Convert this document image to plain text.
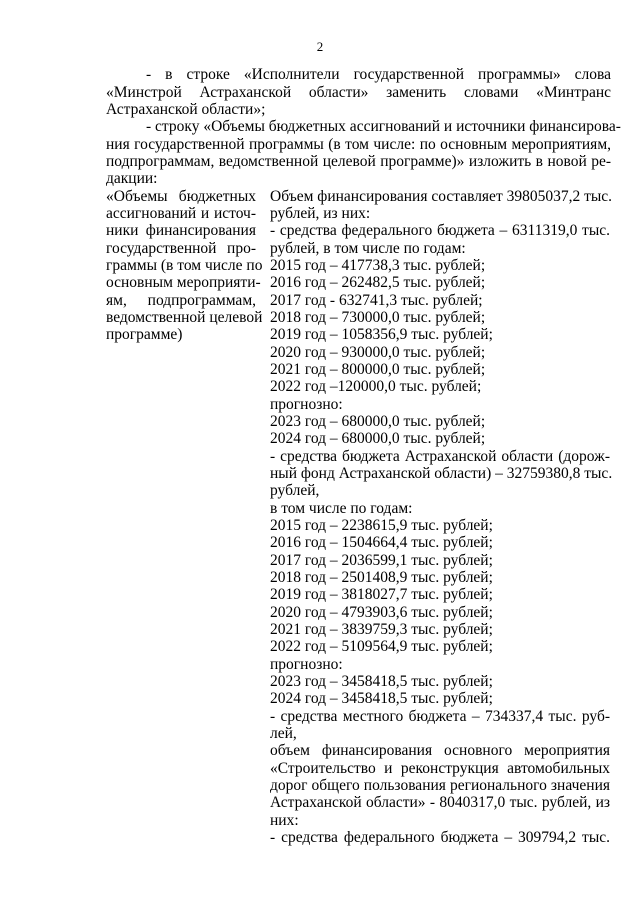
2
- в строке «Исполнители государственной программы» слова
«Минстрой Астраханской области» заменить словами «Минтранс
Астраханской области»;
- строку «Объемы бюджетных ассигнований и источники финансирова-
ния государственной программы (в том числе: по основным мероприятиям,
подпрограммам, ведомственной целевой программе)» изложить в новой ре-
дакции:
«Объемы бюджетных
ассигнований и источ-
ники финансирования
государственной про-
граммы (в том числе по
основным мероприяти-
ям, подпрограммам,
ведомственной целевой
программе)
Объем финансирования составляет 39805037,2 тыс.
рублей, из них:
- средства федерального бюджета – 6311319,0 тыс.
рублей, в том числе по годам:
2015 год – 417738,3 тыс. рублей;
2016 год – 262482,5 тыс. рублей;
2017 год - 632741,3 тыс. рублей;
2018 год – 730000,0 тыс. рублей;
2019 год – 1058356,9 тыс. рублей;
2020 год – 930000,0 тыс. рублей;
2021 год – 800000,0 тыс. рублей;
2022 год –120000,0 тыс. рублей;
прогнозно:
2023 год – 680000,0 тыс. рублей;
2024 год – 680000,0 тыс. рублей;
- средства бюджета Астраханской области (дорож-
ный фонд Астраханской области) – 32759380,8 тыс.
рублей,
в том числе по годам:
2015 год – 2238615,9 тыс. рублей;
2016 год – 1504664,4 тыс. рублей;
2017 год – 2036599,1 тыс. рублей;
2018 год – 2501408,9 тыс. рублей;
2019 год – 3818027,7 тыс. рублей;
2020 год – 4793903,6 тыс. рублей;
2021 год – 3839759,3 тыс. рублей;
2022 год – 5109564,9 тыс. рублей;
прогнозно:
2023 год – 3458418,5 тыс. рублей;
2024 год – 3458418,5 тыс. рублей;
- средства местного бюджета – 734337,4 тыс. руб-
лей,
объем финансирования основного мероприятия
«Строительство и реконструкция автомобильных
дорог общего пользования регионального значения
Астраханской области» - 8040317,0 тыс. рублей, из
них:
- средства федерального бюджета – 309794,2 тыс.
